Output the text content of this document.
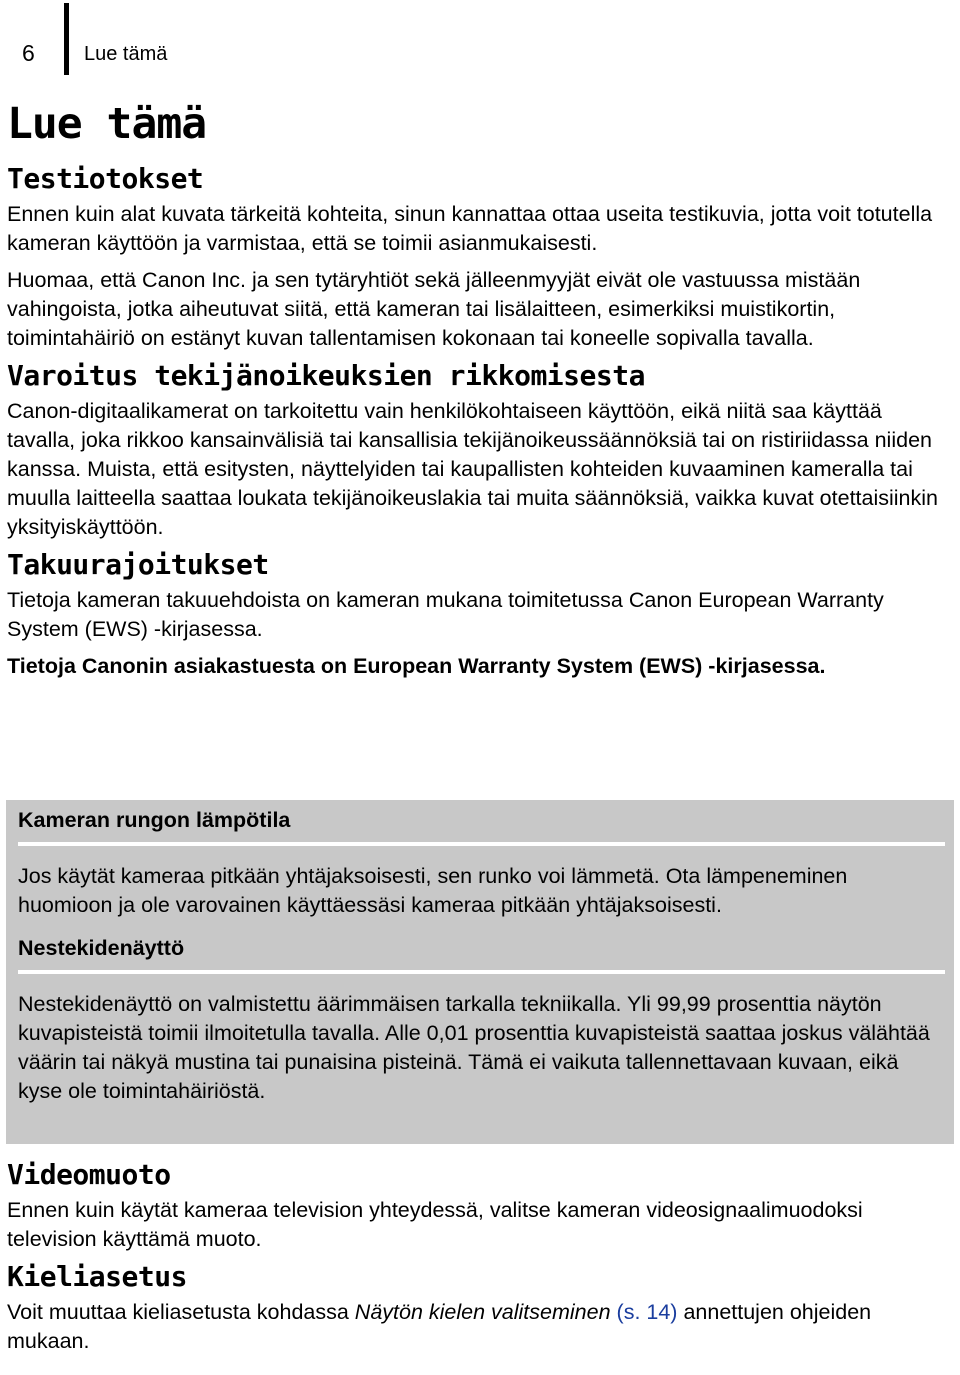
6 Lue tämä
Lue tämä
Testiotokset

Ennen kuin alat kuvata tärkeitä kohteita, sinun kannattaa ottaa useita testikuvia, jotta voit totutella kameran käyttöön ja varmistaa, että se toimii asianmukaisesti.

Huomaa, että Canon Inc. ja sen tytäryhtiöt sekä jälleenmyyjät eivät ole vastuussa mistään vahingoista, jotka aiheutuvat siitä, että kameran tai lisälaitteen, esimerkiksi muistikortin, toimintahäiriö on estänyt kuvan tallentamisen kokonaan tai koneelle sopivalla tavalla.

Varoitus tekijänoikeuksien rikkomisesta

Canon-digitaalikamerat on tarkoitettu vain henkilökohtaiseen käyttöön, eikä niitä saa käyttää tavalla, joka rikkoo kansainvälisiä tai kansallisia tekijänoikeussäännöksiä tai on ristiriidassa niiden kanssa. Muista, että esitysten, näyttelyiden tai kaupallisten kohteiden kuvaaminen kameralla tai muulla laitteella saattaa loukata tekijänoikeuslakia tai muita säännöksiä, vaikka kuvat otettaisiinkin yksityiskäyttöön.

Takuurajoitukset

Tietoja kameran takuuehdoista on kameran mukana toimitetussa Canon European Warranty System (EWS) -kirjasessa.

Tietoja Canonin asiakastuesta on European Warranty System (EWS) -kirjasessa.

Kameran rungon lämpötila

Jos käytät kameraa pitkään yhtäjaksoisesti, sen runko voi lämmetä. Ota lämpeneminen huomioon ja ole varovainen käyttäessäsi kameraa pitkään yhtäjaksoisesti.

Nestekidenäyttö

Nestekidenäyttö on valmistettu äärimmäisen tarkalla tekniikalla. Yli 99,99 prosenttia näytön kuvapisteistä toimii ilmoitetulla tavalla. Alle 0,01 prosenttia kuvapisteistä saattaa joskus välähtää väärin tai näkyä mustina tai punaisina pisteinä. Tämä ei vaikuta tallennettavaan kuvaan, eikä kyse ole toimintahäiriöstä.

Videomuoto

Ennen kuin käytät kameraa television yhteydessä, valitse kameran videosignaalimuodoksi television käyttämä muoto.

Kieliasetus

Voit muuttaa kieliasetusta kohdassa Näytön kielen valitseminen (s. 14) annettujen ohjeiden mukaan.
